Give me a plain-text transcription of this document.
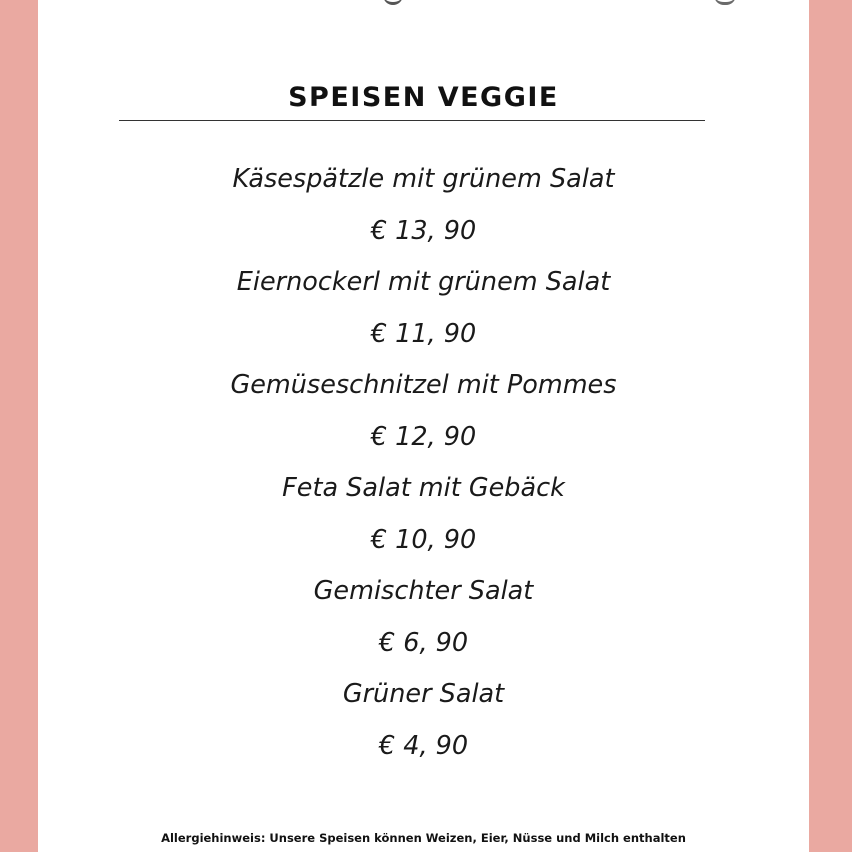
SPEISEN VEGGIE
Käsespätzle mit grünem Salat
€ 13, 90
Eiernockerl mit grünem Salat
€ 11, 90
Gemüseschnitzel mit Pommes
€ 12, 90
Feta Salat mit Gebäck
€ 10, 90
Gemischter Salat
€ 6, 90
Grüner Salat
€ 4, 90
Allergiehinweis: Unsere Speisen können Weizen, Eier, Nüsse und Milch enthalten
